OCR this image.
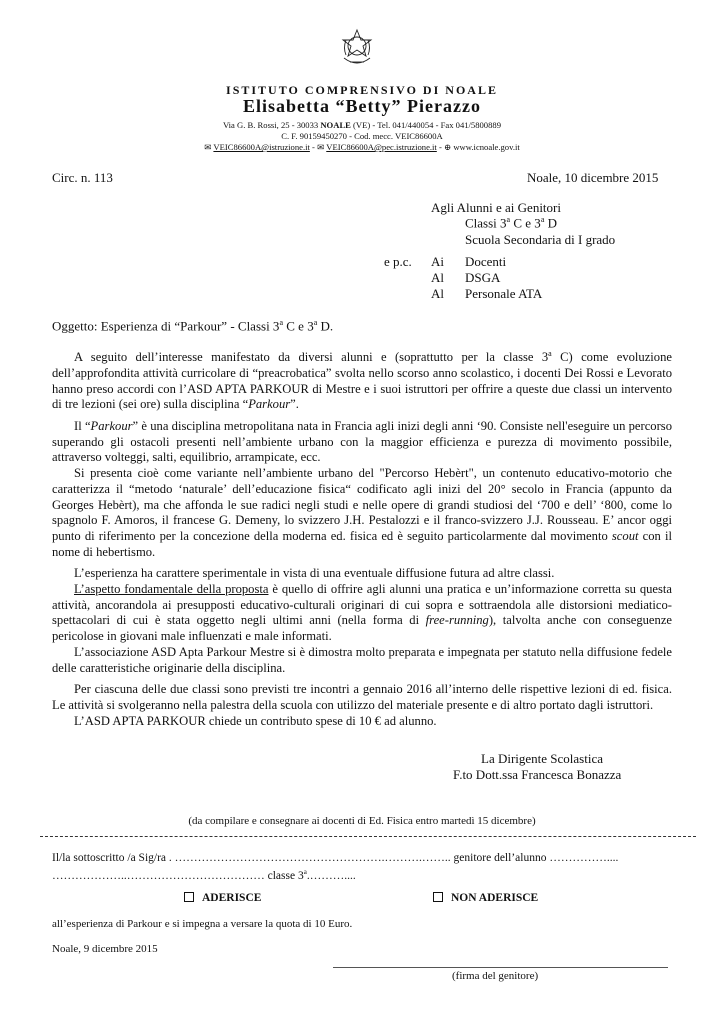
ISTITUTO COMPRENSIVO DI NOALE
Elisabetta “Betty” Pierazzo
Via G. B. Rossi, 25 - 30033 NOALE (VE) - Tel. 041/440054 - Fax 041/5800889
C. F. 90159450270 - Cod. mecc. VEIC86600A
✉ VEIC86600A@istruzione.it - ✉ VEIC86600A@pec.istruzione.it - ⊕ www.icnoale.gov.it
Circ. n. 113	Noale, 10 dicembre 2015
Agli Alunni e ai Genitori
Classi 3$^a$ C e 3$^a$ D
Scuola Secondaria di I grado
e p.c. Ai Docenti
Al DSGA
Al Personale ATA
Oggetto: Esperienza di “Parkour” - Classi 3$^a$ C e 3$^a$ D.

A seguito dell’interesse manifestato da diversi alunni e (soprattutto per la classe 3$^a$ C) come evoluzione dell’approfondita attività curricolare di “preacrobatica” svolta nello scorso anno scolastico, i docenti Dei Rossi e Levorato hanno preso accordi con l’ASD APTA PARKOUR di Mestre e i suoi istruttori per offrire a queste due classi un intervento di tre lezioni (sei ore) sulla disciplina “Parkour”.

Il “Parkour” è una disciplina metropolitana nata in Francia agli inizi degli anni ‘90. Consiste nell'eseguire un percorso superando gli ostacoli presenti nell’ambiente urbano con la maggior efficienza e purezza di movimento possibile, attraverso volteggi, salti, equilibrio, arrampicate, ecc.

Si presenta cioè come variante nell’ambiente urbano del "Percorso Hebèrt", un contenuto educativo-motorio che caratterizza il “metodo ‘naturale’ dell’educazione fisica“ codificato agli inizi del 20° secolo in Francia (appunto da Georges Hebèrt), ma che affonda le sue radici negli studi e nelle opere di grandi studiosi del ‘700 e dell’ ‘800, come lo spagnolo F. Amoros, il francese G. Demeny, lo svizzero J.H. Pestalozzi e il franco-svizzero J.J. Rousseau. E’ ancor oggi punto di riferimento per la concezione della moderna ed. fisica ed è seguito particolarmente dal movimento scout con il nome di hebertismo.

L’esperienza ha carattere sperimentale in vista di una eventuale diffusione futura ad altre classi.

L’aspetto fondamentale della proposta è quello di offrire agli alunni una pratica e un’informazione corretta su questa attività, ancorandola ai presupposti educativo-culturali originari di cui sopra e sottraendola alle distorsioni mediatico-spettacolari di cui è stata oggetto negli ultimi anni (nella forma di free-running), talvolta anche con conseguenze pericolose in giovani male influenzati e male informati.

L’associazione ASD Apta Parkour Mestre si è dimostra molto preparata e impegnata per statuto nella diffusione fedele delle caratteristiche originarie della disciplina.

Per ciascuna delle due classi sono previsti tre incontri a gennaio 2016 all’interno delle rispettive lezioni di ed. fisica. Le attività si svolgeranno nella palestra della scuola con utilizzo del materiale presente e di altro portato dagli istruttori.

L’ASD APTA PARKOUR chiede un contributo spese di 10 € ad alunno.

La Dirigente Scolastica
F.to Dott.ssa Francesca Bonazza
(da compilare e consegnare ai docenti di Ed. Fisica entro martedì 15 dicembre)
Il/la sottoscritto /a Sig/ra . ……………………………………………….……….…….. genitore dell’alunno ……………....
………………..……………………………… classe 3$^a$.………....
ADERISCE	NON ADERISCE
all’esperienza di Parkour e si impegna a versare la quota di 10 Euro.
Noale, 9 dicembre 2015
(firma del genitore)
